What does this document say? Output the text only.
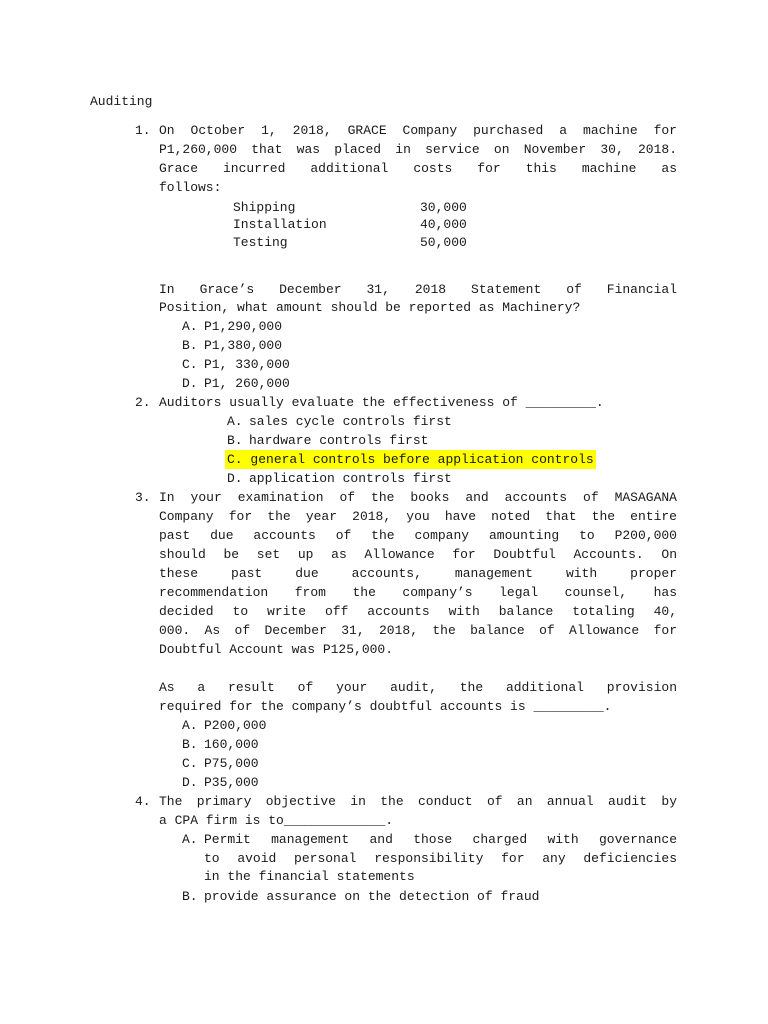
Auditing
1. On October 1, 2018, GRACE Company purchased a machine for
P1,260,000 that was placed in service on November 30, 2018.
Grace incurred additional costs for this machine as
follows:
Shipping	30,000
Installation	40,000
Testing	50,000
In Grace’s December 31, 2018 Statement of Financial
Position, what amount should be reported as Machinery?
A. P1,290,000
B. P1,380,000
C. P1, 330,000
D. P1, 260,000
2. Auditors usually evaluate the effectiveness of _________.
A. sales cycle controls first
B. hardware controls first
C. general controls before application controls
D. application controls first
3. In your examination of the books and accounts of MASAGANA
Company for the year 2018, you have noted that the entire
past due accounts of the company amounting to P200,000
should be set up as Allowance for Doubtful Accounts. On
these past due accounts, management with proper
recommendation from the company’s legal counsel, has
decided to write off accounts with balance totaling 40,
000. As of December 31, 2018, the balance of Allowance for
Doubtful Account was P125,000.
As a result of your audit, the additional provision
required for the company’s doubtful accounts is _________.
A. P200,000
B. 160,000
C. P75,000
D. P35,000
4. The primary objective in the conduct of an annual audit by
a CPA firm is to_____________.
A. Permit management and those charged with governance
to avoid personal responsibility for any deficiencies
in the financial statements
B. provide assurance on the detection of fraud
